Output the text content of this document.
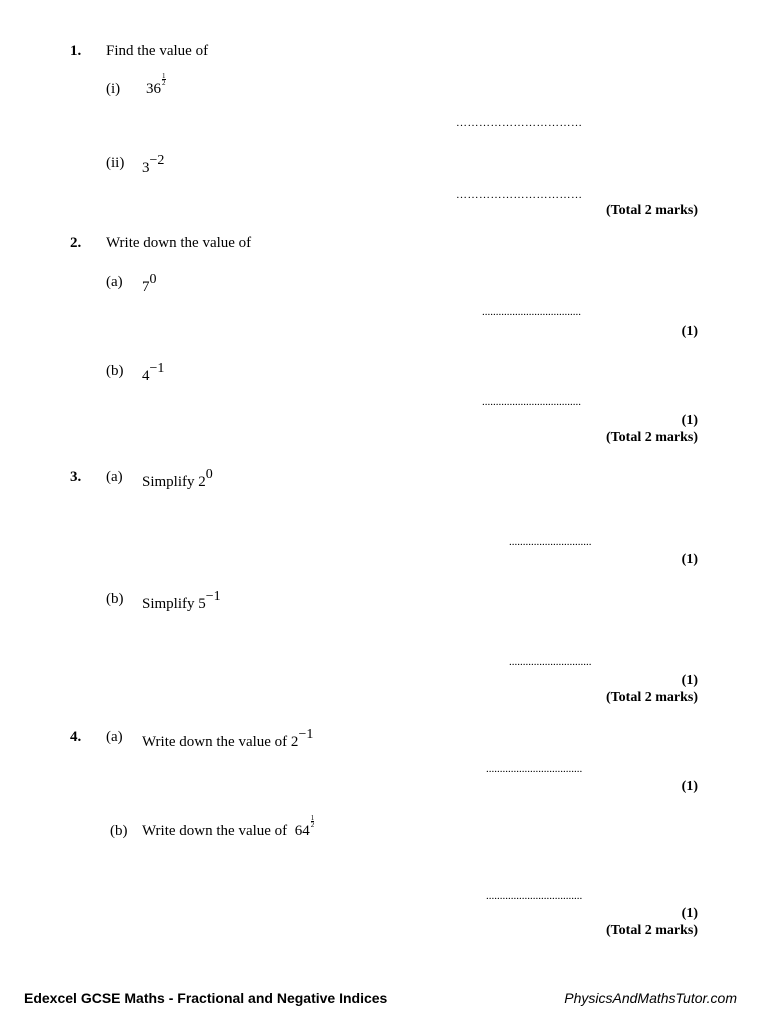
1. Find the value of
(i) 36
$\frac{1}{2}$
……………………………
(ii) $3^{-2}$
……………………………
(Total 2 marks)
2. Write down the value of
(a) $7^0$
....................................
(1)
(b) $4^{-1}$
....................................
(1)
(Total 2 marks)
3. (a) Simplify $2^0$
..............................
(1)
(b) Simplify $5^{-1}$
..............................
(1)
(Total 2 marks)
4. (a) Write down the value of $2^{-1}$
...................................
(1)
(b) Write down the value of 64
$\frac{1}{2}$
...................................
(1)
(Total 2 marks)
Edexcel GCSE Maths - Fractional and Negative Indices	PhysicsAndMathsTutor.com
